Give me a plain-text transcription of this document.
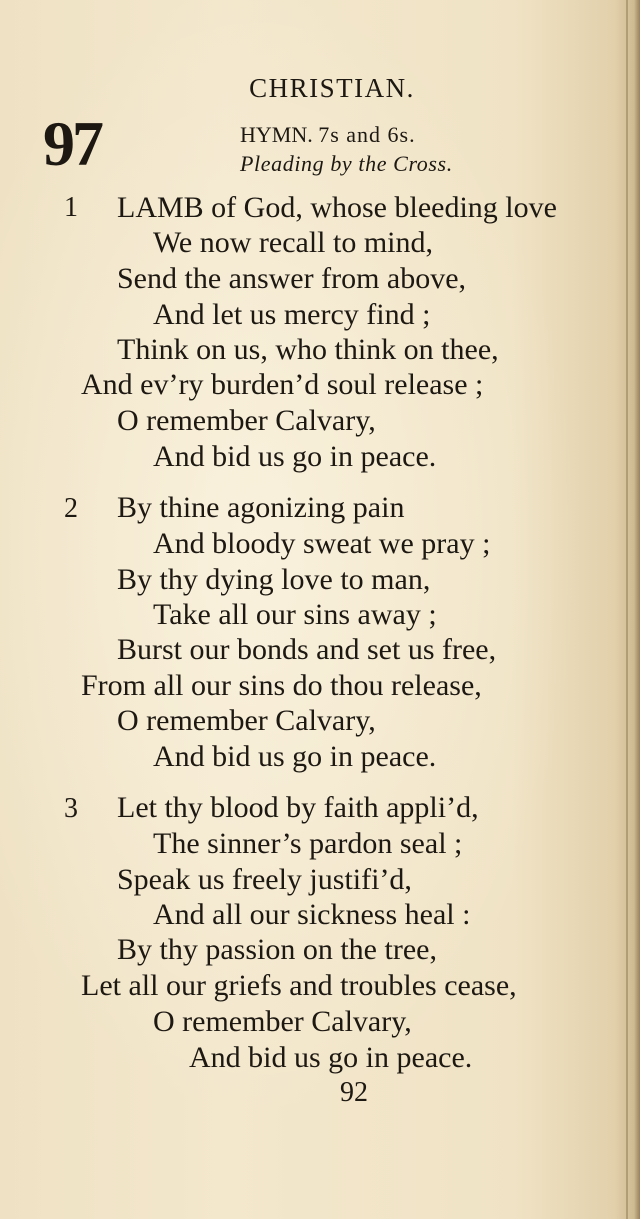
CHRISTIAN.
97	HYMN. 7s and 6s.
Pleading by the Cross.
1 LAMB of God, whose bleeding love
We now recall to mind,
Send the answer from above,
And let us mercy find ;
Think on us, who think on thee,
And ev’ry burden’d soul release ;
O remember Calvary,
And bid us go in peace.
2 By thine agonizing pain
And bloody sweat we pray ;
By thy dying love to man,
Take all our sins away ;
Burst our bonds and set us free,
From all our sins do thou release,
O remember Calvary,
And bid us go in peace.
3 Let thy blood by faith appli’d,
The sinner’s pardon seal ;
Speak us freely justifi’d,
And all our sickness heal :
By thy passion on the tree,
Let all our griefs and troubles cease,
O remember Calvary,
And bid us go in peace.
92
